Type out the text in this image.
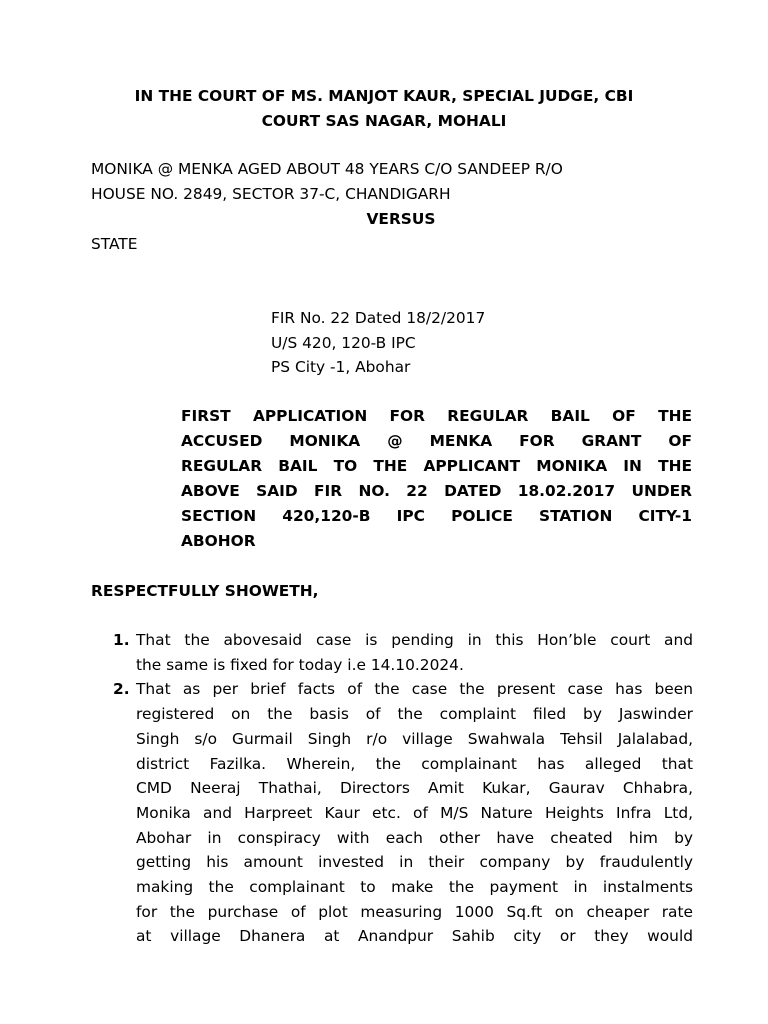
IN THE COURT OF MS. MANJOT KAUR, SPECIAL JUDGE, CBI
COURT SAS NAGAR, MOHALI
MONIKA @ MENKA AGED ABOUT 48 YEARS C/O SANDEEP R/O
HOUSE NO. 2849, SECTOR 37-C, CHANDIGARH
VERSUS
STATE
FIR No. 22 Dated 18/2/2017
U/S 420, 120-B IPC
PS City -1, Abohar
FIRST APPLICATION FOR REGULAR BAIL OF THE
ACCUSED MONIKA @ MENKA FOR GRANT OF
REGULAR BAIL TO THE APPLICANT MONIKA IN THE
ABOVE SAID FIR NO. 22 DATED 18.02.2017 UNDER
SECTION 420,120-B IPC POLICE STATION CITY-1
ABOHOR
RESPECTFULLY SHOWETH,
1. That the abovesaid case is pending in this Hon’ble court and
the same is fixed for today i.e 14.10.2024.
2. That as per brief facts of the case the present case has been
registered on the basis of the complaint filed by Jaswinder
Singh s/o Gurmail Singh r/o village Swahwala Tehsil Jalalabad,
district Fazilka. Wherein, the complainant has alleged that
CMD Neeraj Thathai, Directors Amit Kukar, Gaurav Chhabra,
Monika and Harpreet Kaur etc. of M/S Nature Heights Infra Ltd,
Abohar in conspiracy with each other have cheated him by
getting his amount invested in their company by fraudulently
making the complainant to make the payment in instalments
for the purchase of plot measuring 1000 Sq.ft on cheaper rate
at village Dhanera at Anandpur Sahib city or they would
